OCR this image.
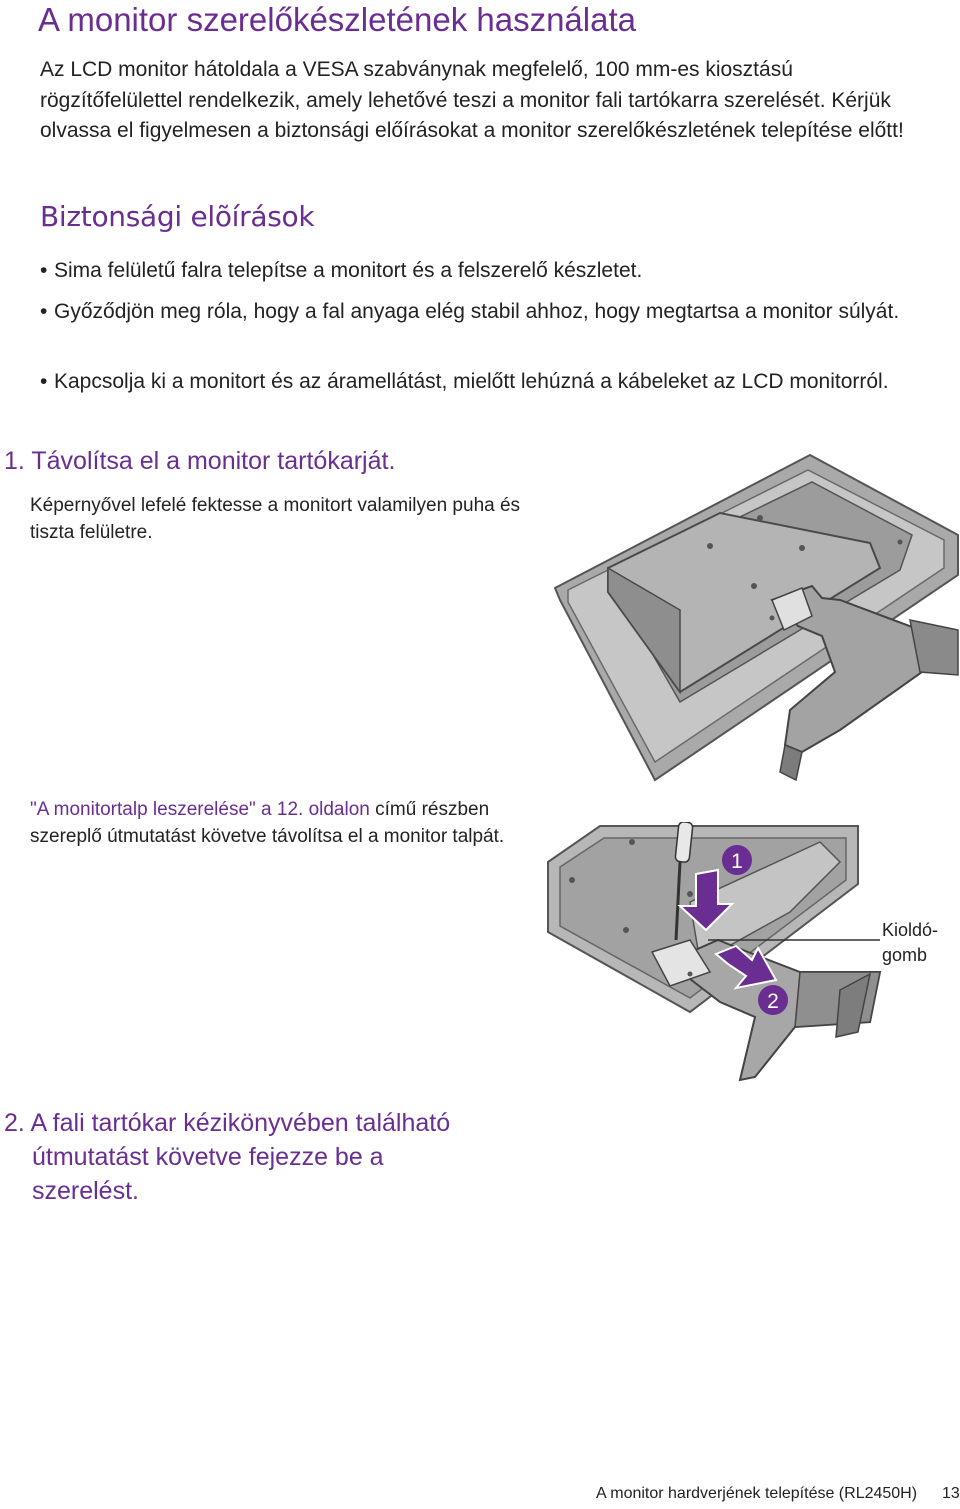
A monitor szerelőkészletének használata
Az LCD monitor hátoldala a VESA szabványnak megfelelő, 100 mm-es kiosztású rögzítőfelülettel rendelkezik, amely lehetővé teszi a monitor fali tartókarra szerelését. Kérjük olvassa el figyelmesen a biztonsági előírásokat a monitor szerelőkészletének telepítése előtt!
Biztonsági elõírások
• Sima felületű falra telepítse a monitort és a felszerelő készletet.
• Győződjön meg róla, hogy a fal anyaga elég stabil ahhoz, hogy megtartsa a monitor súlyát.
• Kapcsolja ki a monitort és az áramellátást, mielőtt lehúzná a kábeleket az LCD monitorról.
1. Távolítsa el a monitor tartókarját.
Képernyővel lefelé fektesse a monitort valamilyen puha és tiszta felületre.
"A monitortalp leszerelése" a 12. oldalon című részben szereplő útmutatást követve távolítsa el a monitor talpát.
1
2
Kioldó-
gomb
2. A fali tartókar kézikönyvében található
útmutatást követve fejezze be a
szerelést.
A monitor hardverjének telepítése (RL2450H) 13
